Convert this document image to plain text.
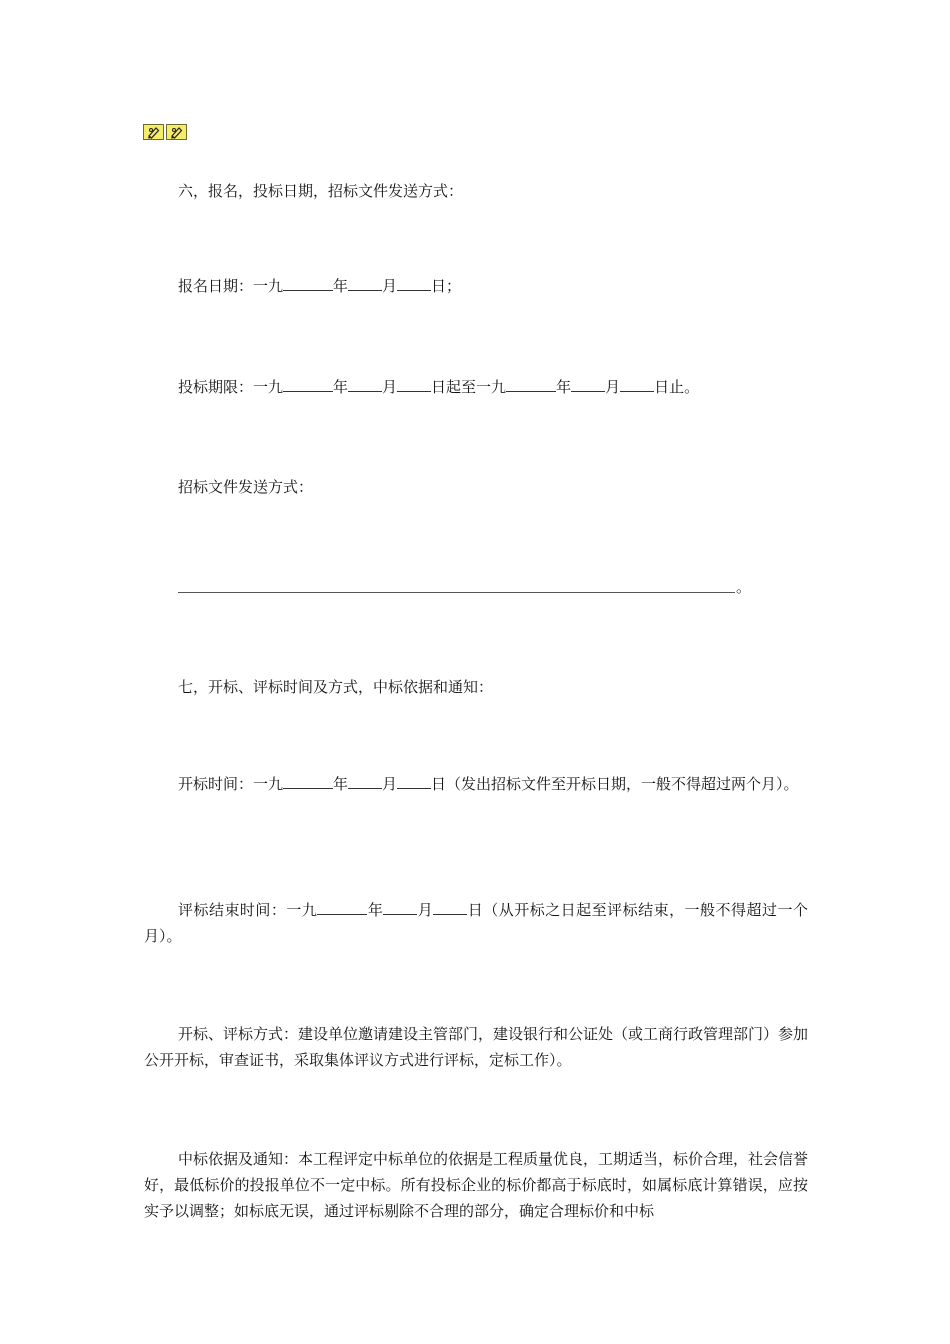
六，报名，投标日期，招标文件发送方式：
报名日期：一九	年 月 日；
投标期限：一九	年 月 日起至一九	年 月 日止。
招标文件发送方式：
。
七，开标、评标时间及方式，中标依据和通知：
开标时间：一九	年 月 日（发出招标文件至开标日期，一般不得超过两个月）。
评标结束时间：一九	年 月 日（从开标之日起至评标结束，一般不得超过一个月）。
开标、评标方式：建设单位邀请建设主管部门，建设银行和公证处（或工商行政管理部门）参加公开开标，审查证书，采取集体评议方式进行评标，定标工作）。
中标依据及通知：本工程评定中标单位的依据是工程质量优良，工期适当，标价合理，社会信誉好，最低标价的投报单位不一定中标。所有投标企业的标价都高于标底时，如属标底计算错误，应按实予以调整；如标底无误，通过评标剔除不合理的部分，确定合理标价和中标
